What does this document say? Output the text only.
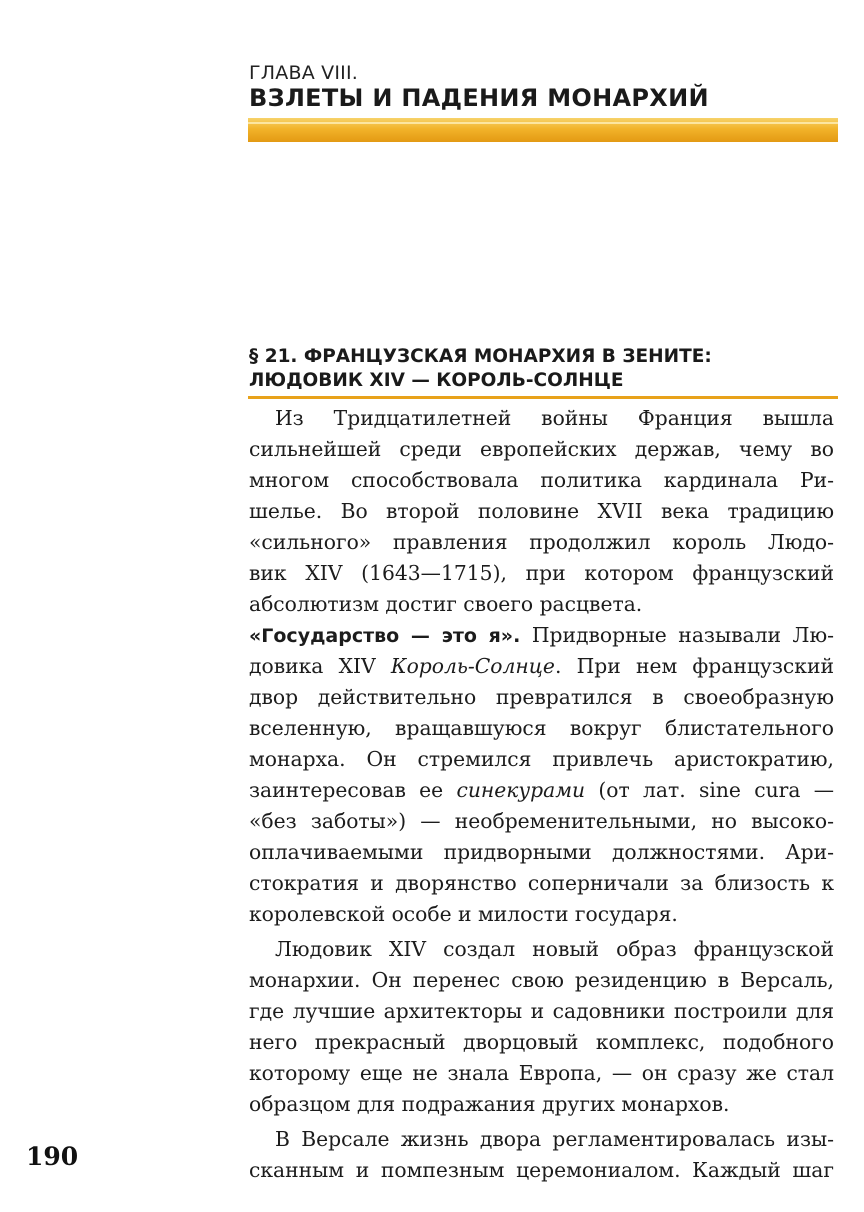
ГЛАВА VIII.
ВЗЛЕТЫ И ПАДЕНИЯ МОНАРХИЙ
§ 21. ФРАНЦУЗСКАЯ МОНАРХИЯ В ЗЕНИТЕ:
ЛЮДОВИК XIV — КОРОЛЬ-СОЛНЦЕ
Из Тридцатилетней войны Франция вышла
сильнейшей среди европейских держав, чему во
многом способствовала политика кардинала Ри-
шелье. Во второй половине XVII века традицию
«сильного» правления продолжил король Людо-
вик XIV (1643—1715), при котором французский
абсолютизм достиг своего расцвета.
«Государство — это я». Придворные называли Лю-
довика XIV Король-Солнце. При нем французский
двор действительно превратился в своеобразную
вселенную, вращавшуюся вокруг блистательного
монарха. Он стремился привлечь аристократию,
заинтересовав ее синекурами (от лат. sine cura —
«без заботы») — необременительными, но высоко-
оплачиваемыми придворными должностями. Ари-
стократия и дворянство соперничали за близость к
королевской особе и милости государя.
Людовик XIV создал новый образ французской
монархии. Он перенес свою резиденцию в Версаль,
где лучшие архитекторы и садовники построили для
него прекрасный дворцовый комплекс, подобного
которому еще не знала Европа, — он сразу же стал
образцом для подражания других монархов.
В Версале жизнь двора регламентировалась изы-
сканным и помпезным церемониалом. Каждый шаг
190
